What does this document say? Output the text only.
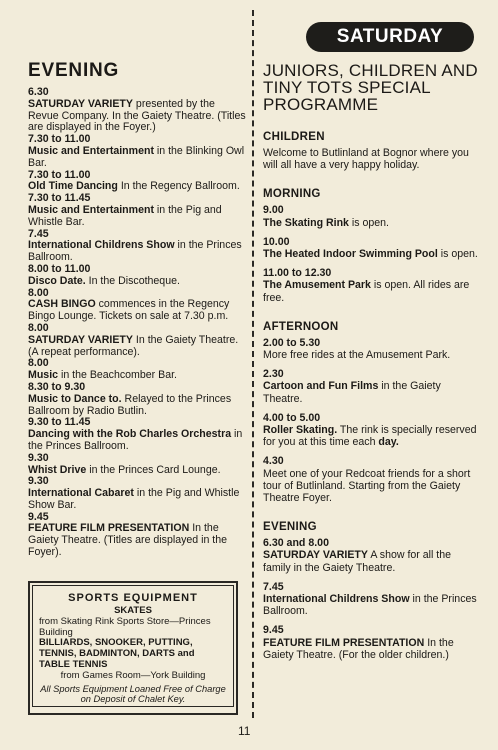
SATURDAY
EVENING
6.30
SATURDAY VARIETY presented by the Revue Company. In the Gaiety Theatre. (Titles are displayed in the Foyer.)
7.30 to 11.00
Music and Entertainment in the Blinking Owl Bar.
7.30 to 11.00
Old Time Dancing In the Regency Ballroom.
7.30 to 11.45
Music and Entertainment in the Pig and Whistle Bar.
7.45
International Childrens Show in the Princes Ballroom.
8.00 to 11.00
Disco Date. In the Discotheque.
8.00
CASH BINGO commences in the Regency Bingo Lounge. Tickets on sale at 7.30 p.m.
8.00
SATURDAY VARIETY In the Gaiety Theatre. (A repeat performance).
8.00
Music in the Beachcomber Bar.
8.30 to 9.30
Music to Dance to. Relayed to the Princes Ballroom by Radio Butlin.
9.30 to 11.45
Dancing with the Rob Charles Orchestra in the Princes Ballroom.
9.30
Whist Drive in the Princes Card Lounge.
9.30
International Cabaret in the Pig and Whistle Show Bar.
9.45
FEATURE FILM PRESENTATION In the Gaiety Theatre. (Titles are displayed in the Foyer).
SPORTS EQUIPMENT
SKATES
from Skating Rink Sports Store—Princes Building
BILLIARDS, SNOOKER, PUTTING, TENNIS, BADMINTON, DARTS and TABLE TENNIS
from Games Room—York Building
All Sports Equipment Loaned Free of Charge on Deposit of Chalet Key.
JUNIORS, CHILDREN AND TINY TOTS SPECIAL PROGRAMME
CHILDREN
Welcome to Butlinland at Bognor where you will all have a very happy holiday.
MORNING
9.00
The Skating Rink is open.
10.00
The Heated Indoor Swimming Pool is open.
11.00 to 12.30
The Amusement Park is open. All rides are free.
AFTERNOON
2.00 to 5.30
More free rides at the Amusement Park.
2.30
Cartoon and Fun Films in the Gaiety Theatre.
4.00 to 5.00
Roller Skating. The rink is specially reserved for you at this time each day.
4.30
Meet one of your Redcoat friends for a short tour of Butlinland. Starting from the Gaiety Theatre Foyer.
EVENING
6.30 and 8.00
SATURDAY VARIETY A show for all the family in the Gaiety Theatre.
7.45
International Childrens Show in the Princes Ballroom.
9.45
FEATURE FILM PRESENTATION In the Gaiety Theatre. (For the older children.)
11
